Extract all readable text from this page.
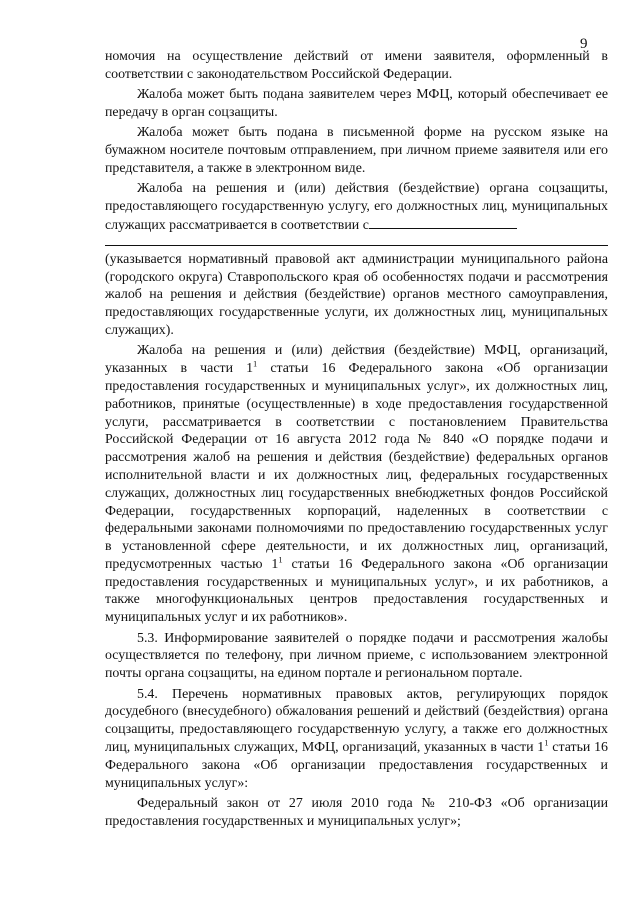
9

номочия на осуществление действий от имени заявителя, оформленный в соответствии с законодательством Российской Федерации.

Жалоба может быть подана заявителем через МФЦ, который обеспечивает ее передачу в орган соцзащиты.

Жалоба может быть подана в письменной форме на русском языке на бумажном носителе почтовым отправлением, при личном приеме заявителя или его представителя, а также в электронном виде.

Жалоба на решения и (или) действия (бездействие) органа соцзащиты, предоставляющего государственную услугу, его должностных лиц, муниципальных служащих рассматривается в соответствии с

(указывается нормативный правовой акт администрации муниципального района (городского округа) Ставропольского края об особенностях подачи и рассмотрения жалоб на решения и действия (бездействие) органов местного самоуправления, предоставляющих государственные услуги, их должностных лиц, муниципальных служащих).

Жалоба на решения и (или) действия (бездействие) МФЦ, организаций, указанных в части $1^1$ статьи 16 Федерального закона «Об организации предоставления государственных и муниципальных услуг», их должностных лиц, работников, принятые (осуществленные) в ходе предоставления государственной услуги, рассматривается в соответствии с постановлением Правительства Российской Федерации от 16 августа 2012 года № 840 «О порядке подачи и рассмотрения жалоб на решения и действия (бездействие) федеральных органов исполнительной власти и их должностных лиц, федеральных государственных служащих, должностных лиц государственных внебюджетных фондов Российской Федерации, государственных корпораций, наделенных в соответствии с федеральными законами полномочиями по предоставлению государственных услуг в установленной сфере деятельности, и их должностных лиц, организаций, предусмотренных частью $1^1$ статьи 16 Федерального закона «Об организации предоставления государственных и муниципальных услуг», и их работников, а также многофункциональных центров предоставления государственных и муниципальных услуг и их работников».

5.3. Информирование заявителей о порядке подачи и рассмотрения жалобы осуществляется по телефону, при личном приеме, с использованием электронной почты органа соцзащиты, на едином портале и региональном портале.

5.4. Перечень нормативных правовых актов, регулирующих порядок досудебного (внесудебного) обжалования решений и действий (бездействия) органа соцзащиты, предоставляющего государственную услугу, а также его должностных лиц, муниципальных служащих, МФЦ, организаций, указанных в части $1^1$ статьи 16 Федерального закона «Об организации предоставления государственных и муниципальных услуг»:

Федеральный закон от 27 июля 2010 года № 210-ФЗ «Об организации предоставления государственных и муниципальных услуг»;
